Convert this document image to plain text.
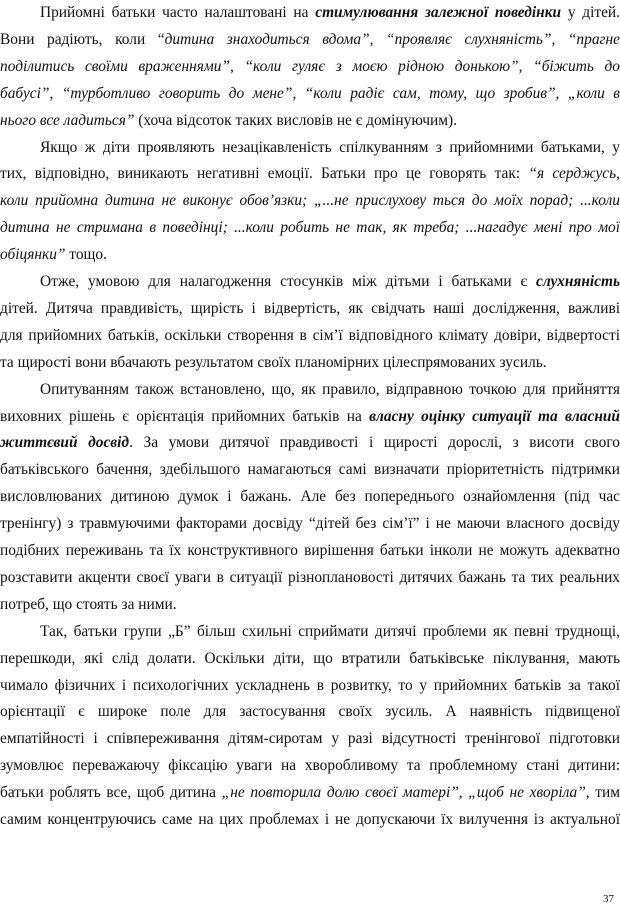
Прийомні батьки часто налаштовані на стимулювання залежної поведінки у дітей.
Вони радіють, коли “дитина знаходиться вдома”, “проявляє слухняність”, “прагне
поділитись своїми враженнями”, “коли гуляє з моєю рідною донькою”, “біжить до
бабусі”, “турботливо говорить до мене”, “коли радіє сам, тому, що зробив”, „коли в
нього все ладиться” (хоча відсоток таких висловів не є домінуючим).
Якщо ж діти проявляють незацікавленість спілкуванням з прийомними батьками, у
тих, відповідно, виникають негативні емоції. Батьки про це говорять так: “я серджусь,
коли прийомна дитина не виконує обов’язки; „...не прислухову ться до моїх порад; ...коли
дитина не стримана в поведінці; ...коли робить не так, як треба; ...нагадує мені про мої
обіцянки” тощо.
Отже, умовою для налагодження стосунків між дітьми і батьками є слухняність
дітей. Дитяча правдивість, щирість і відвертість, як свідчать наші дослідження, важливі
для прийомних батьків, оскільки створення в сім’ї відповідного клімату довіри, відвертості
та щирості вони вбачають результатом своїх планомірних цілеспрямованих зусиль.
Опитуванням також встановлено, що, як правило, відправною точкою для прийняття
виховних рішень є орієнтація прийомних батьків на власну оцінку ситуації та власний
життєвий досвід. За умови дитячої правдивості і щирості дорослі, з висоти свого
батьківського бачення, здебільшого намагаються самі визначати пріоритетність підтримки
висловлюваних дитиною думок і бажань. Але без попереднього ознайомлення (під час
тренінгу) з травмуючими факторами досвіду “дітей без сім’ї” і не маючи власного досвіду
подібних переживань та їх конструктивного вирішення батьки інколи не можуть адекватно
розставити акценти своєї уваги в ситуації різноплановості дитячих бажань та тих реальних
потреб, що стоять за ними.
Так, батьки групи „Б” більш схильні сприймати дитячі проблеми як певні труднощі,
перешкоди, які слід долати. Оскільки діти, що втратили батьківське піклування, мають
чимало фізичних і психологічних ускладнень в розвитку, то у прийомних батьків за такої
орієнтації є широке поле для застосування своїх зусиль. А наявність підвищеної
емпатійності і співпереживання дітям-сиротам у разі відсутності тренінгової підготовки
зумовлює переважаючу фіксацію уваги на хворобливому та проблемному стані дитини:
батьки роблять все, щоб дитина „не повторила долю своєї матері”, „щоб не хворіла”, тим
самим концентруючись саме на цих проблемах і не допускаючи їх вилучення із актуальної
37
